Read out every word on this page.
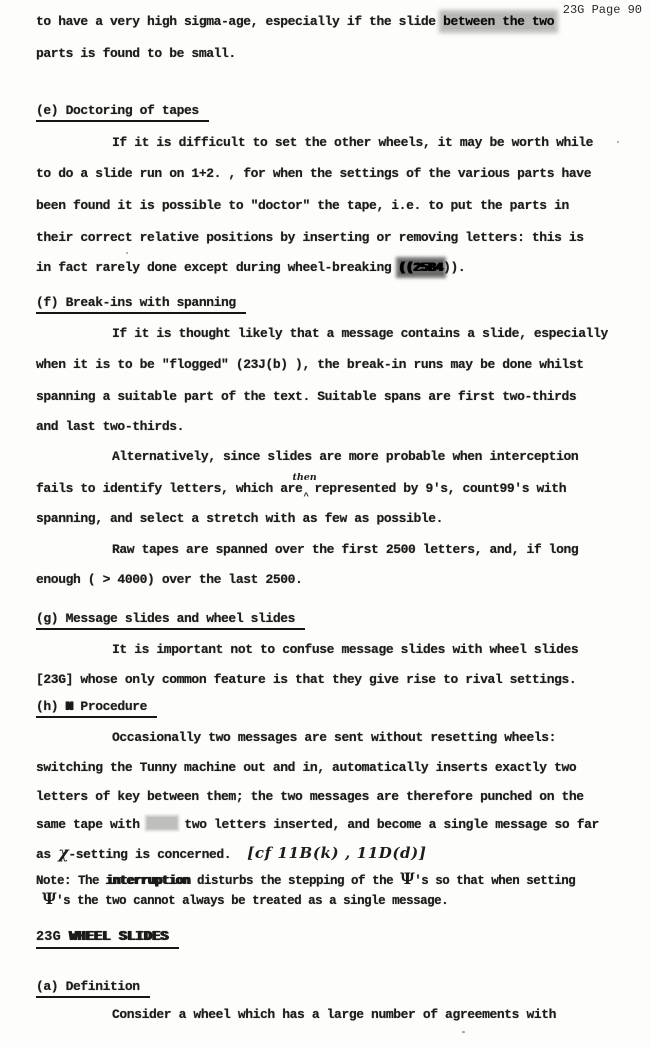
23G Page 90
to have a very high sigma-age, especially if the slide between the two
parts is found to be small.
(e) Doctoring of tapes
If it is difficult to set the other wheels, it may be worth while
to do a slide run on 1+2. , for when the settings of the various parts have
been found it is possible to "doctor" the tape, i.e. to put the parts in
their correct relative positions by inserting or removing letters: this is
in fact rarely done except during wheel-breaking ((25B4)).
(f) Break-ins with spanning
If it is thought likely that a message contains a slide, especially
when it is to be "flogged" (23J(b) ), the break-in runs may be done whilst
spanning a suitable part of the text. Suitable spans are first two-thirds
and last two-thirds.
Alternatively, since slides are more probable when interception
fails to identify letters, which are
then
^
represented by 9's, count99's with
spanning, and select a stretch with as few as possible.
Raw tapes are spanned over the first 2500 letters, and, if long
enough ( > 4000) over the last 2500.
(g) Message slides and wheel slides
It is important not to confuse message slides with wheel slides
[23G] whose only common feature is that they give rise to rival settings.
(h) N Procedure
Occasionally two messages are sent without resetting wheels:
switching the Tunny machine out and in, automatically inserts exactly two
letters of key between them; the two messages are therefore punched on the
same tape with  two letters inserted, and become a single message so far
as χ-setting is concerned. [cf 11B(k) , 11D(d)]
Note: The interruption disturbs the stepping of the Ψ's so that when setting
Ψ's the two cannot always be treated as a single message.
23G WHEEL SLIDES
(a) Definition
Consider a wheel which has a large number of agreements with
